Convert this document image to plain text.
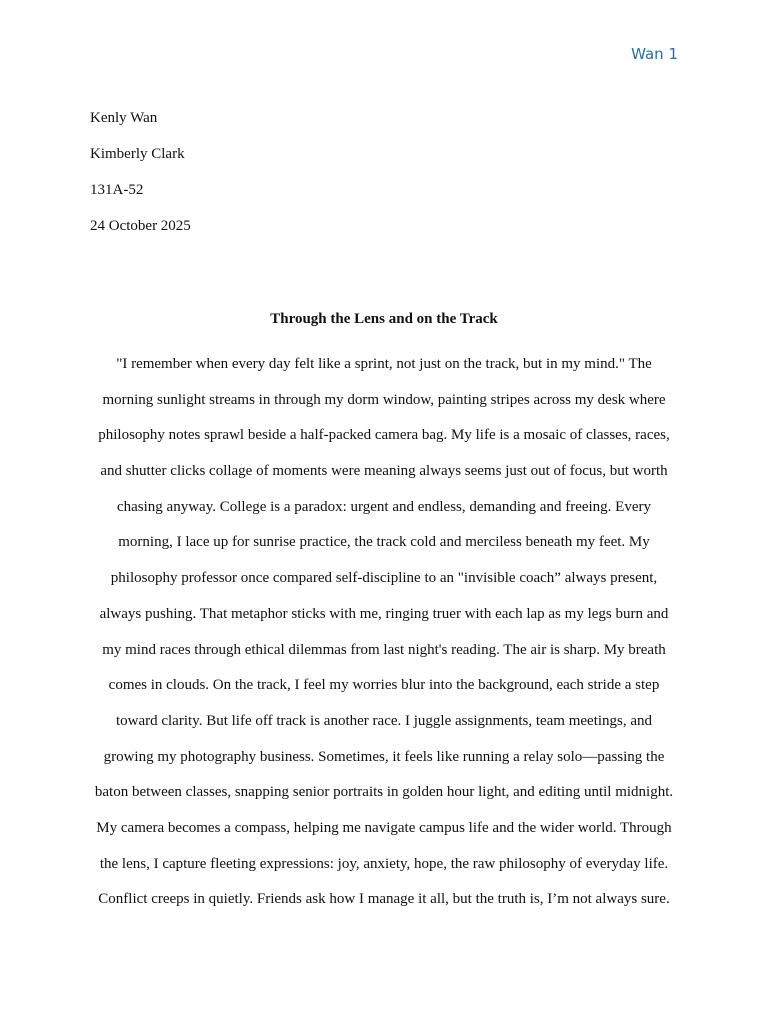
Wan 1
Kenly Wan
Kimberly Clark
131A-52
24 October 2025
Through the Lens and on the Track
"I remember when every day felt like a sprint, not just on the track, but in my mind." The
morning sunlight streams in through my dorm window, painting stripes across my desk where
philosophy notes sprawl beside a half-packed camera bag. My life is a mosaic of classes, races,
and shutter clicks collage of moments were meaning always seems just out of focus, but worth
chasing anyway. College is a paradox: urgent and endless, demanding and freeing. Every
morning, I lace up for sunrise practice, the track cold and merciless beneath my feet. My
philosophy professor once compared self-discipline to an "invisible coach” always present,
always pushing. That metaphor sticks with me, ringing truer with each lap as my legs burn and
my mind races through ethical dilemmas from last night's reading. The air is sharp. My breath
comes in clouds. On the track, I feel my worries blur into the background, each stride a step
toward clarity. But life off track is another race. I juggle assignments, team meetings, and
growing my photography business. Sometimes, it feels like running a relay solo—passing the
baton between classes, snapping senior portraits in golden hour light, and editing until midnight.
My camera becomes a compass, helping me navigate campus life and the wider world. Through
the lens, I capture fleeting expressions: joy, anxiety, hope, the raw philosophy of everyday life.
Conflict creeps in quietly. Friends ask how I manage it all, but the truth is, I’m not always sure.
